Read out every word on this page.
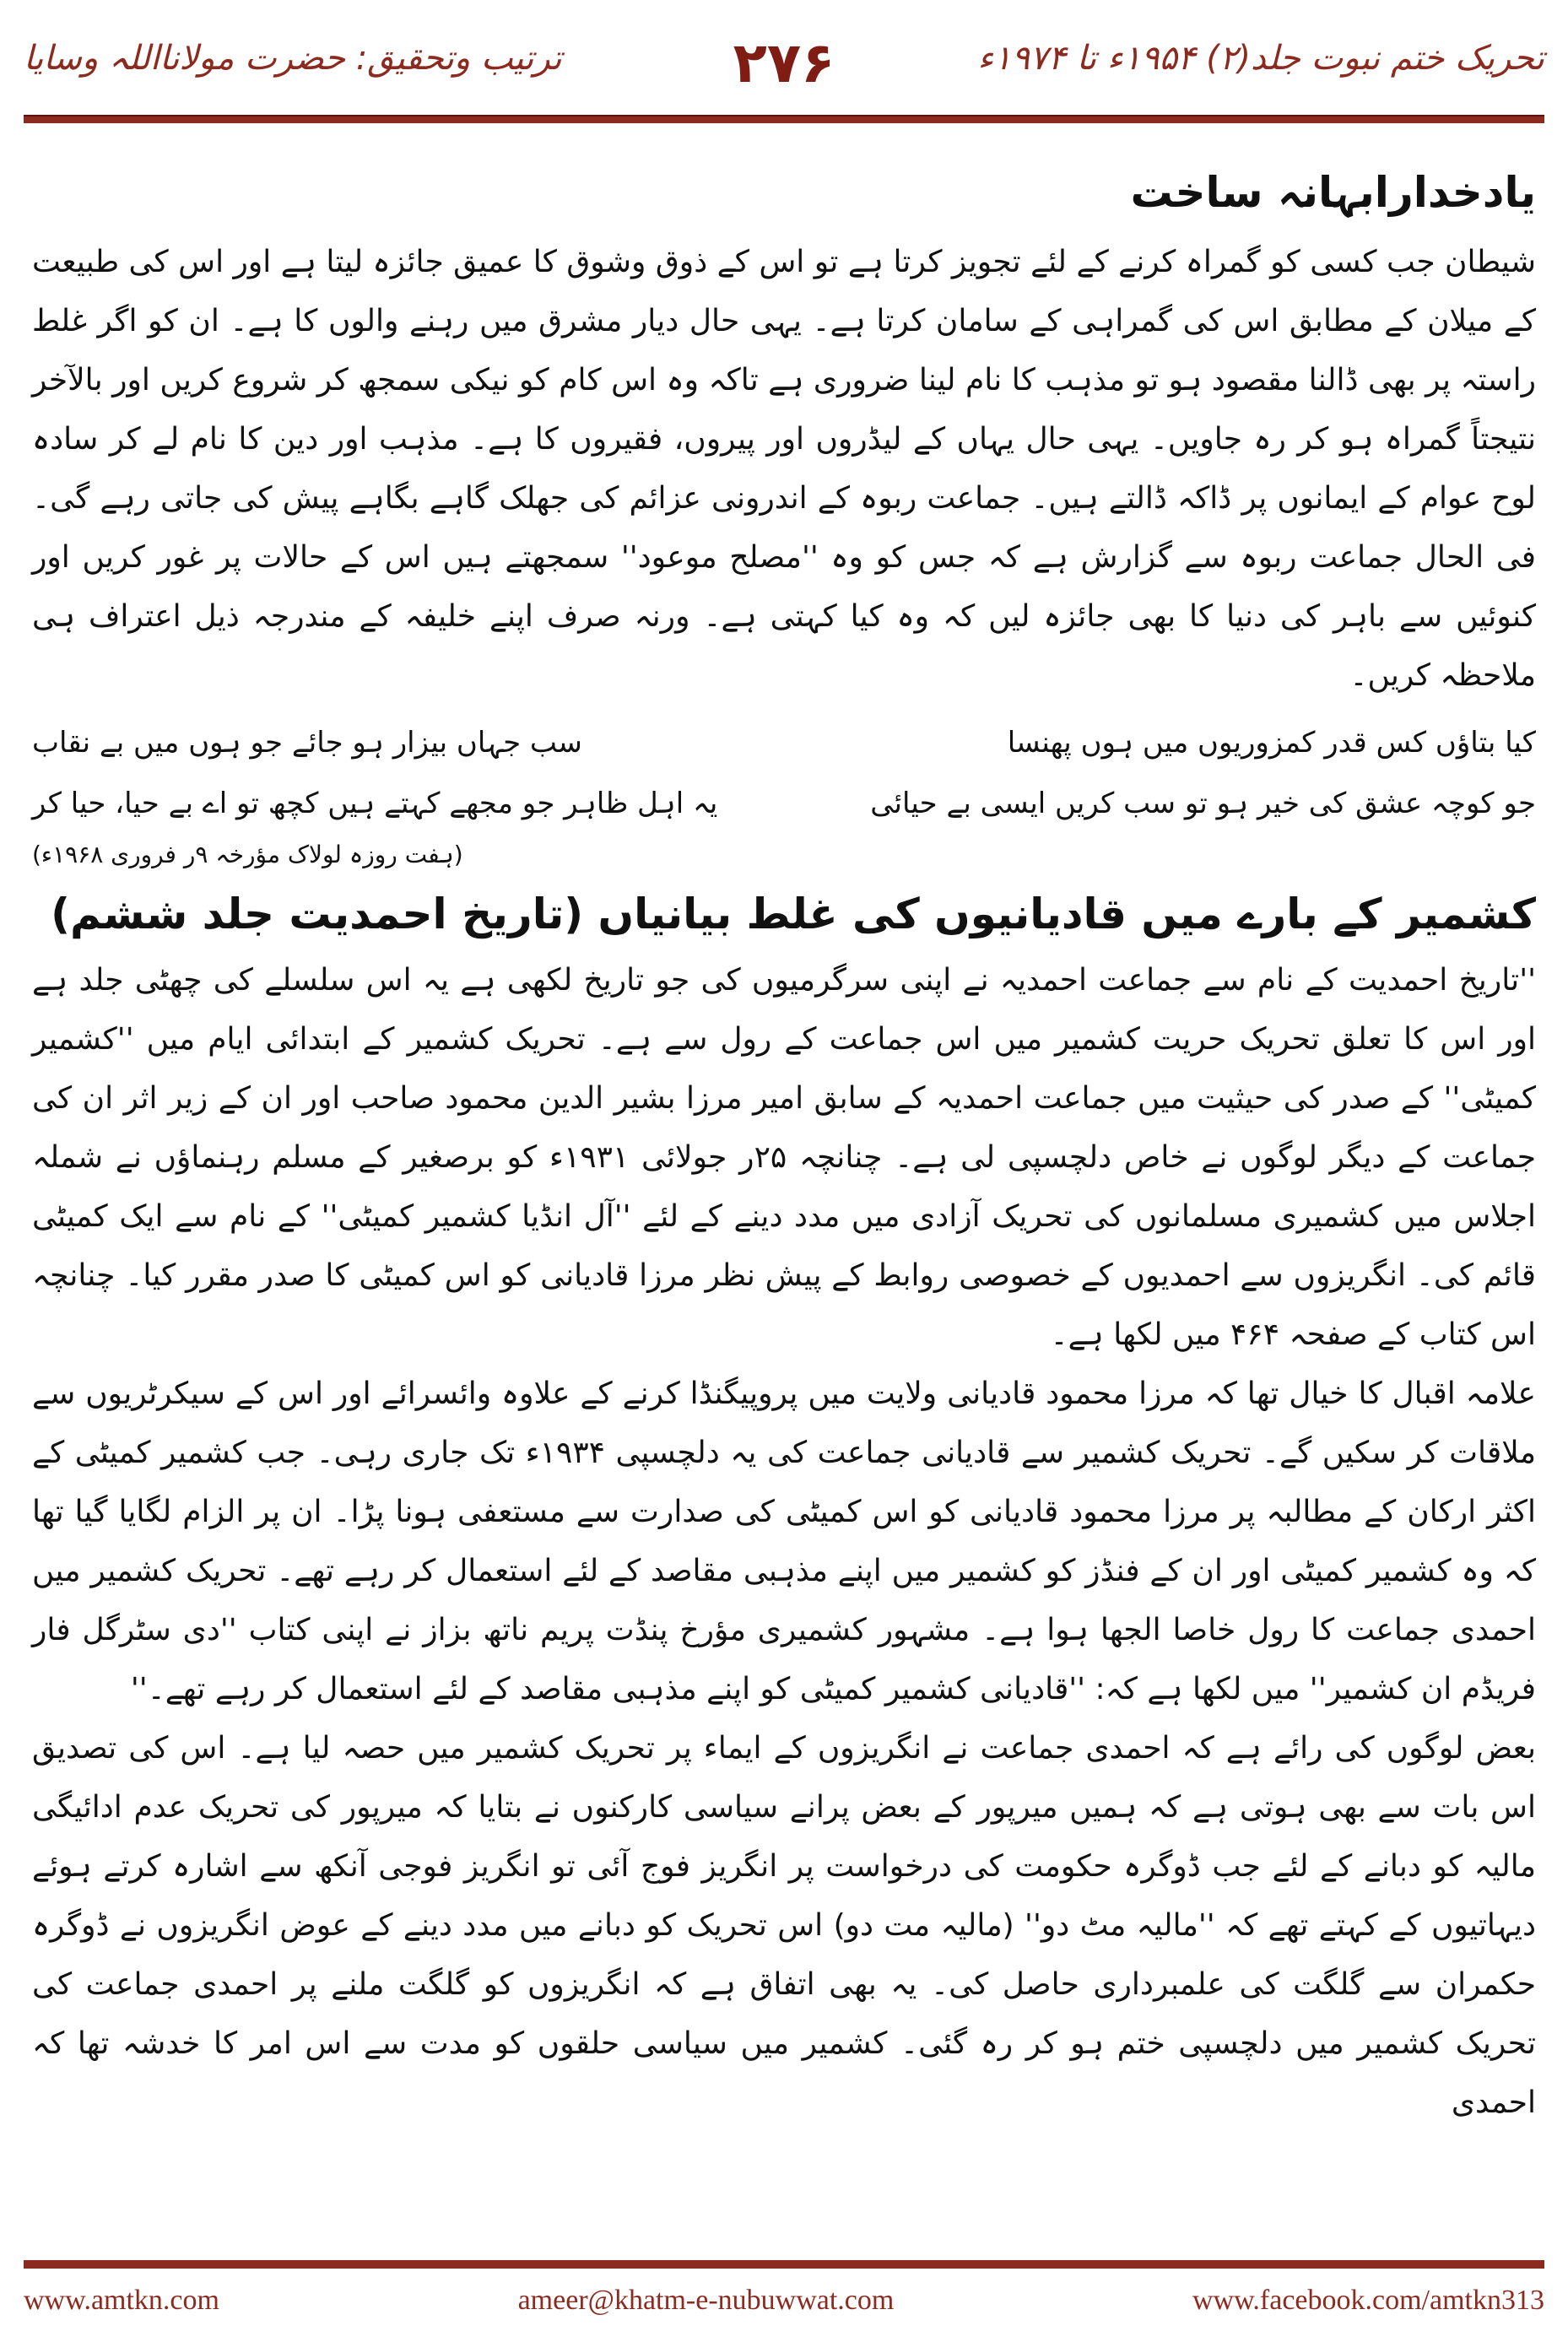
ترتیب وتحقیق: حضرت مولانااللہ وسایا	۲۷۶	تحریک ختم نبوت جلد(۲) ۱۹۵۴ء تا ۱۹۷۴ء
یادخدارابہانہ ساخت

شیطان جب کسی کو گمراہ کرنے کے لئے تجویز کرتا ہے تو اس کے ذوق وشوق کا عمیق جائزہ لیتا ہے اور اس کی طبیعت کے میلان کے مطابق اس کی گمراہی کے سامان کرتا ہے۔ یہی حال دیار مشرق میں رہنے والوں کا ہے۔ ان کو اگر غلط راستہ پر بھی ڈالنا مقصود ہو تو مذہب کا نام لینا ضروری ہے تاکہ وہ اس کام کو نیکی سمجھ کر شروع کریں اور بالآخر نتیجتاً گمراہ ہو کر رہ جاویں۔ یہی حال یہاں کے لیڈروں اور پیروں، فقیروں کا ہے۔ مذہب اور دین کا نام لے کر سادہ لوح عوام کے ایمانوں پر ڈاکہ ڈالتے ہیں۔ جماعت ربوہ کے اندرونی عزائم کی جھلک گاہے بگاہے پیش کی جاتی رہے گی۔ فی الحال جماعت ربوہ سے گزارش ہے کہ جس کو وہ ''مصلح موعود'' سمجھتے ہیں اس کے حالات پر غور کریں اور کنوئیں سے باہر کی دنیا کا بھی جائزہ لیں کہ وہ کیا کہتی ہے۔ ورنہ صرف اپنے خلیفہ کے مندرجہ ذیل اعتراف ہی ملاحظہ کریں۔

کیا بتاؤں کس قدر کمزوریوں میں ہوں پھنسا
سب جہاں بیزار ہو جائے جو ہوں میں بے نقاب
جو کوچہ عشق کی خیر ہو تو سب کریں ایسی بے حیائی
یہ اہل ظاہر جو مجھے کہتے ہیں کچھ تو اے بے حیا، حیا کر
(ہفت روزہ لولاک مؤرخہ ۹ر فروری ۱۹۶۸ء)
کشمیر کے بارے میں قادیانیوں کی غلط بیانیاں (تاریخ احمدیت جلد ششم)

''تاریخ احمدیت کے نام سے جماعت احمدیہ نے اپنی سرگرمیوں کی جو تاریخ لکھی ہے یہ اس سلسلے کی چھٹی جلد ہے اور اس کا تعلق تحریک حریت کشمیر میں اس جماعت کے رول سے ہے۔ تحریک کشمیر کے ابتدائی ایام میں ''کشمیر کمیٹی'' کے صدر کی حیثیت میں جماعت احمدیہ کے سابق امیر مرزا بشیر الدین محمود صاحب اور ان کے زیر اثر ان کی جماعت کے دیگر لوگوں نے خاص دلچسپی لی ہے۔ چنانچہ ۲۵ر جولائی ۱۹۳۱ء کو برصغیر کے مسلم رہنماؤں نے شملہ اجلاس میں کشمیری مسلمانوں کی تحریک آزادی میں مدد دینے کے لئے ''آل انڈیا کشمیر کمیٹی'' کے نام سے ایک کمیٹی قائم کی۔ انگریزوں سے احمدیوں کے خصوصی روابط کے پیش نظر مرزا قادیانی کو اس کمیٹی کا صدر مقرر کیا۔ چنانچہ اس کتاب کے صفحہ ۴۶۴ میں لکھا ہے۔

علامہ اقبال کا خیال تھا کہ مرزا محمود قادیانی ولایت میں پروپیگنڈا کرنے کے علاوہ وائسرائے اور اس کے سیکرٹریوں سے ملاقات کر سکیں گے۔ تحریک کشمیر سے قادیانی جماعت کی یہ دلچسپی ۱۹۳۴ء تک جاری رہی۔ جب کشمیر کمیٹی کے اکثر ارکان کے مطالبہ پر مرزا محمود قادیانی کو اس کمیٹی کی صدارت سے مستعفی ہونا پڑا۔ ان پر الزام لگایا گیا تھا کہ وہ کشمیر کمیٹی اور ان کے فنڈز کو کشمیر میں اپنے مذہبی مقاصد کے لئے استعمال کر رہے تھے۔ تحریک کشمیر میں احمدی جماعت کا رول خاصا الجھا ہوا ہے۔ مشہور کشمیری مؤرخ پنڈت پریم ناتھ بزاز نے اپنی کتاب ''دی سٹرگل فار فریڈم ان کشمیر'' میں لکھا ہے کہ: ''قادیانی کشمیر کمیٹی کو اپنے مذہبی مقاصد کے لئے استعمال کر رہے تھے۔''

بعض لوگوں کی رائے ہے کہ احمدی جماعت نے انگریزوں کے ایماء پر تحریک کشمیر میں حصہ لیا ہے۔ اس کی تصدیق اس بات سے بھی ہوتی ہے کہ ہمیں میرپور کے بعض پرانے سیاسی کارکنوں نے بتایا کہ میرپور کی تحریک عدم ادائیگی مالیہ کو دبانے کے لئے جب ڈوگرہ حکومت کی درخواست پر انگریز فوج آئی تو انگریز فوجی آنکھ سے اشارہ کرتے ہوئے دیہاتیوں کے کہتے تھے کہ ''مالیہ مٹ دو'' (مالیہ مت دو) اس تحریک کو دبانے میں مدد دینے کے عوض انگریزوں نے ڈوگرہ حکمران سے گلگت کی علمبرداری حاصل کی۔ یہ بھی اتفاق ہے کہ انگریزوں کو گلگت ملنے پر احمدی جماعت کی تحریک کشمیر میں دلچسپی ختم ہو کر رہ گئی۔ کشمیر میں سیاسی حلقوں کو مدت سے اس امر کا خدشہ تھا کہ احمدی

www.amtkn.com	ameer@khatm-e-nubuwwat.com	www.facebook.com/amtkn313
